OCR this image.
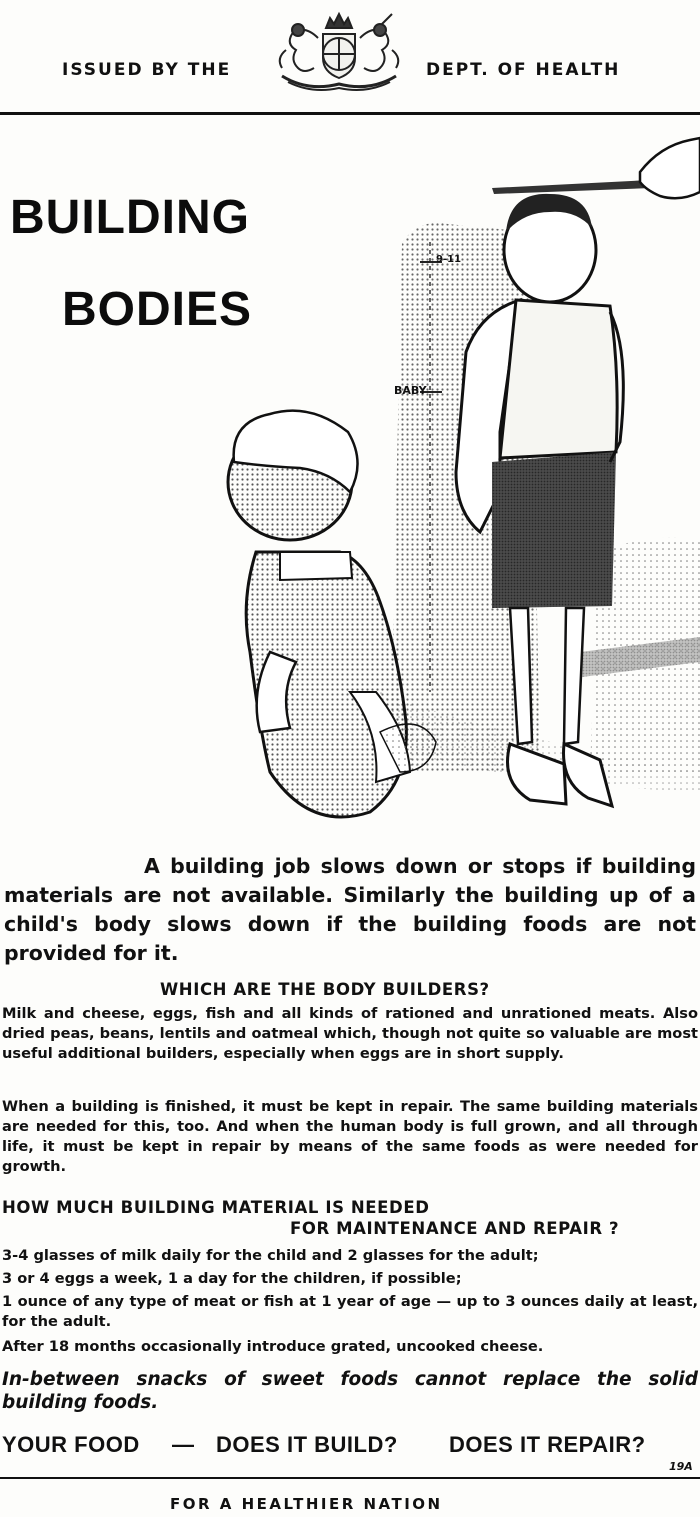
ISSUED BY THE	DEPT. OF HEALTH
BUILDING
BODIES
9-11
BABY
A building job slows down or stops if building materials are not available. Similarly the building up of a child's body slows down if the building foods are not provided for it.
WHICH ARE THE BODY BUILDERS?
Milk and cheese, eggs, fish and all kinds of rationed and unrationed meats. Also dried peas, beans, lentils and oatmeal which, though not quite so valuable are most useful additional builders, especially when eggs are in short supply.
When a building is finished, it must be kept in repair. The same building materials are needed for this, too. And when the human body is full grown, and all through life, it must be kept in repair by means of the same foods as were needed for growth.
HOW MUCH BUILDING MATERIAL IS NEEDED
FOR MAINTENANCE AND REPAIR ?
3-4 glasses of milk daily for the child and 2 glasses for the adult;
3 or 4 eggs a week, 1 a day for the children, if possible;
1 ounce of any type of meat or fish at 1 year of age — up to 3 ounces daily at least, for the adult.
After 18 months occasionally introduce grated, uncooked cheese.
In-between snacks of sweet foods cannot replace the solid building foods.
YOUR FOOD — DOES IT BUILD? DOES IT REPAIR?
19A
FOR A HEALTHIER NATION
